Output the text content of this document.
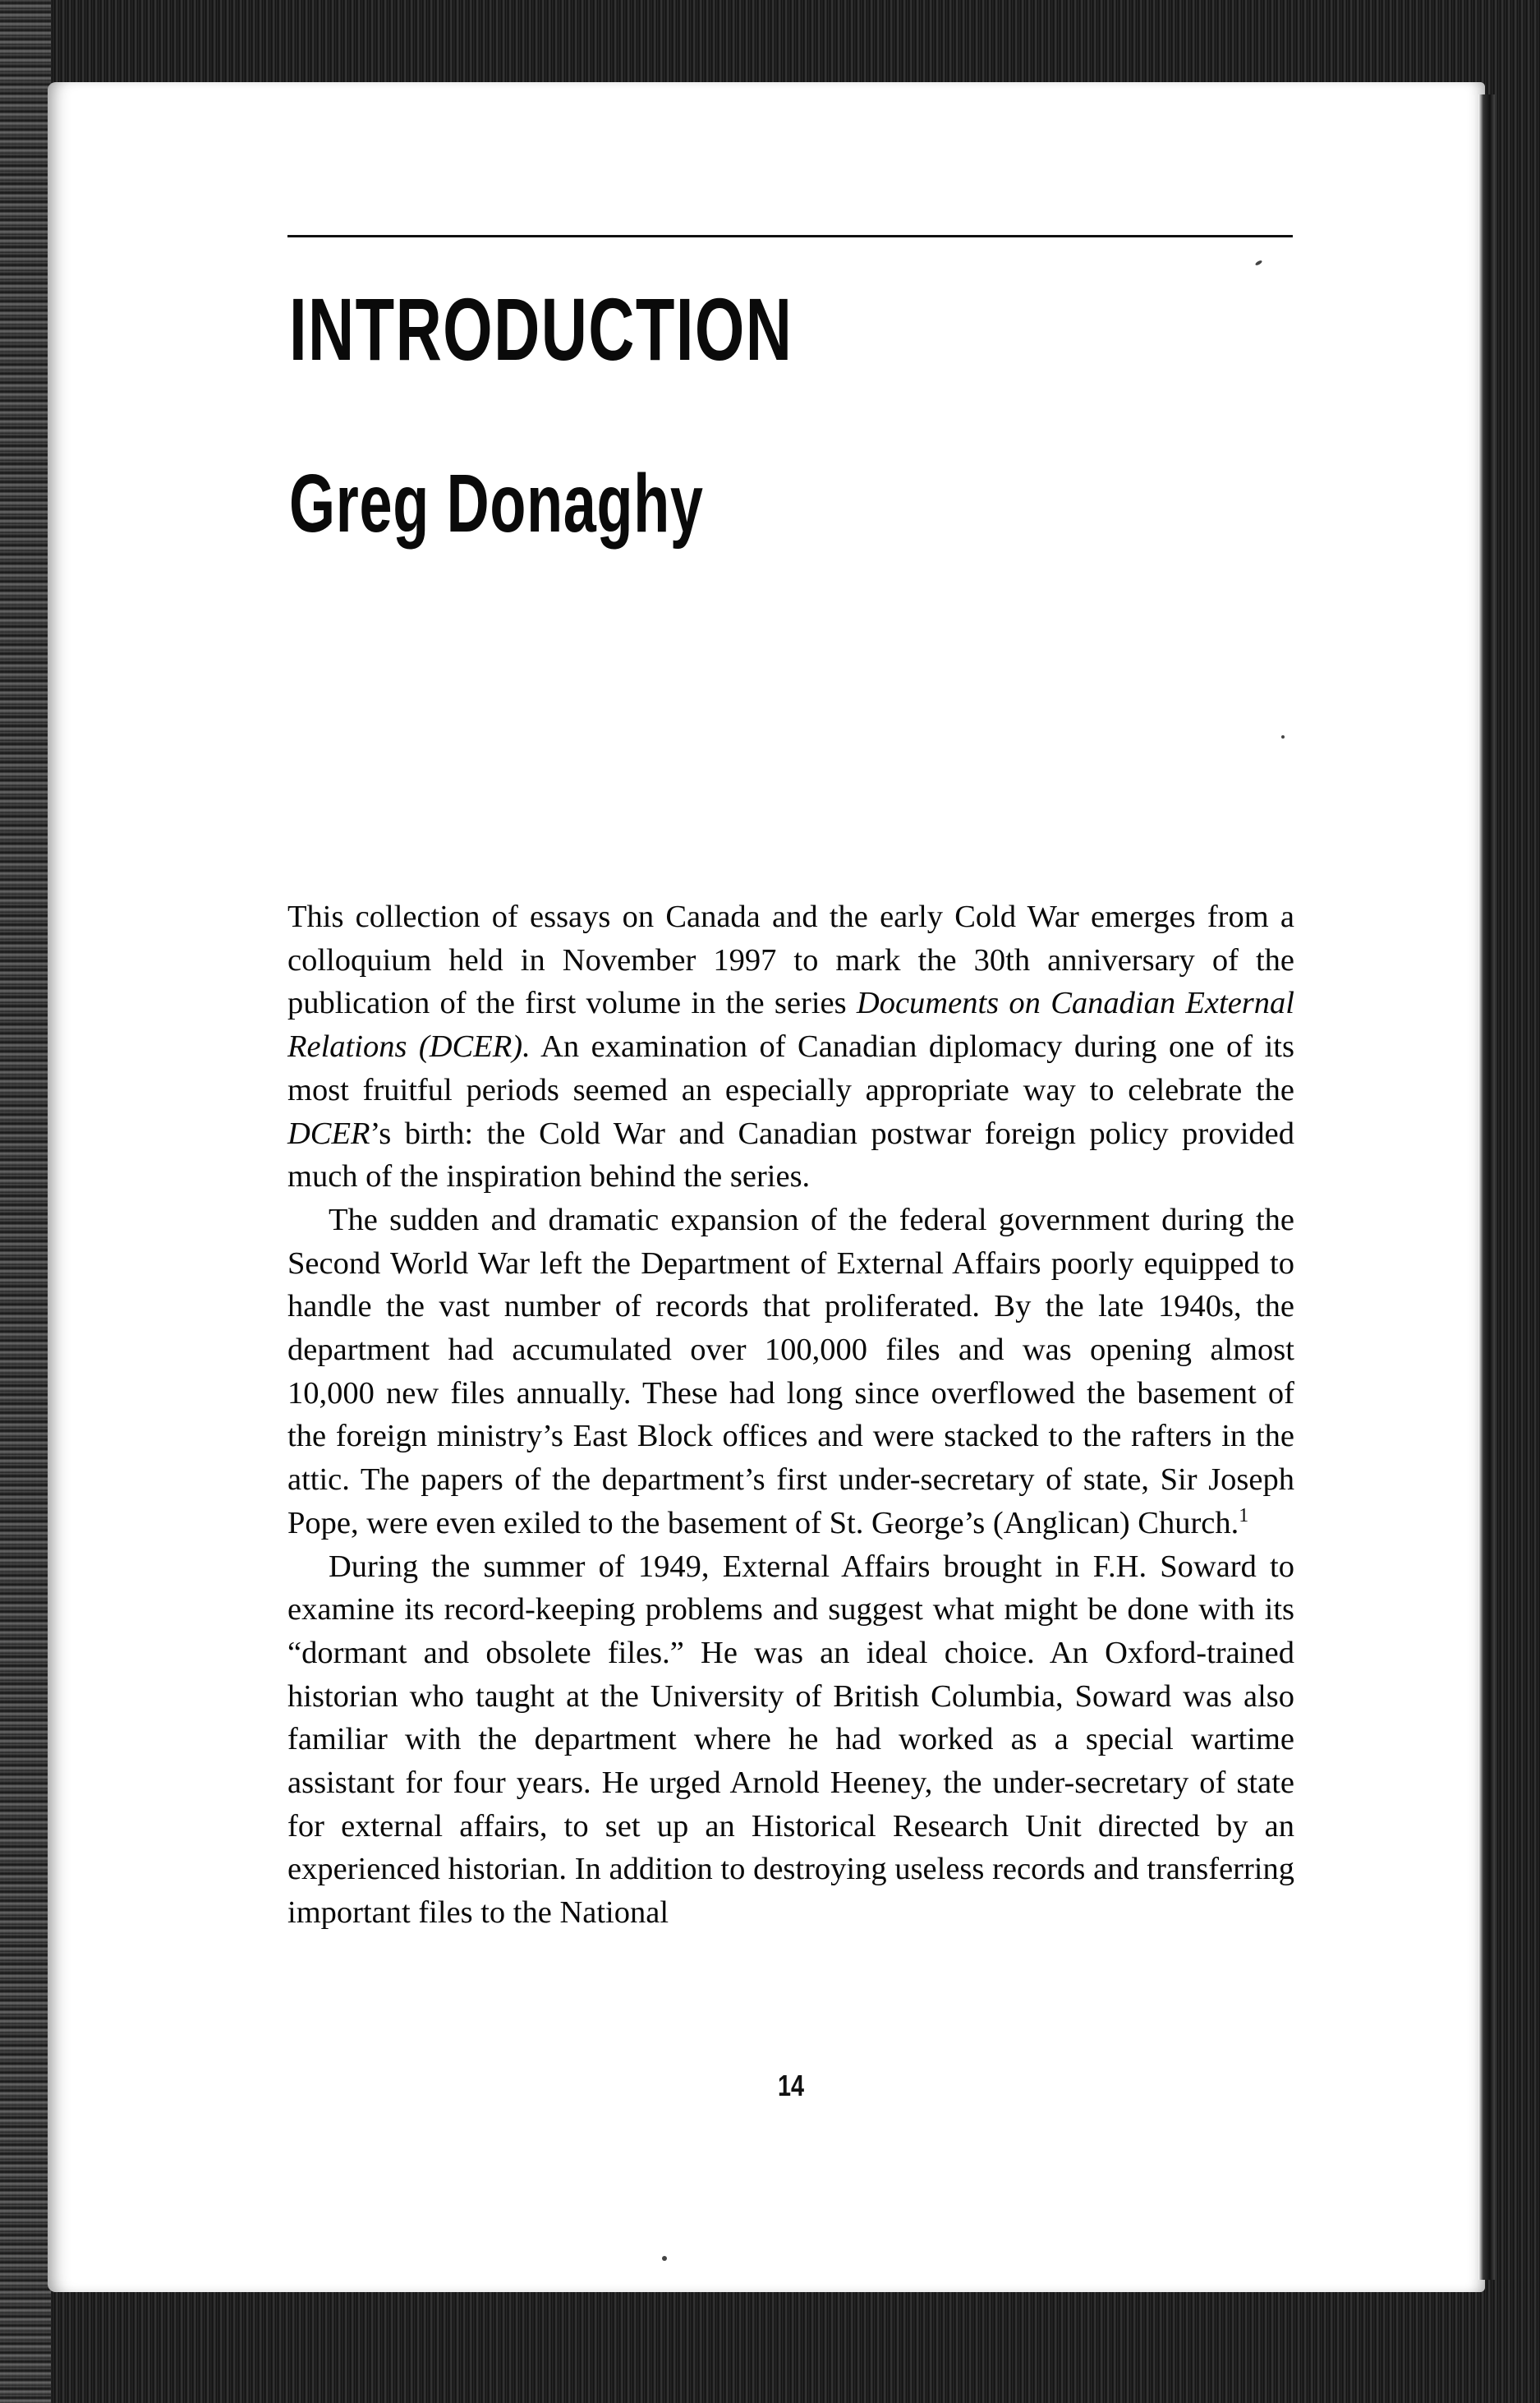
INTRODUCTION
Greg Donaghy

This collection of essays on Canada and the early Cold War emerges from a colloquium held in November 1997 to mark the 30th anniversary of the publication of the first volume in the series Documents on Canadian External Relations (DCER). An examination of Canadian diplomacy during one of its most fruitful periods seemed an especially appropriate way to celebrate the DCER’s birth: the Cold War and Canadian postwar foreign policy provided much of the inspiration behind the series.

The sudden and dramatic expansion of the federal government during the Second World War left the Department of External Affairs poorly equipped to handle the vast number of records that proliferated. By the late 1940s, the department had accumulated over 100,000 files and was opening almost 10,000 new files annually. These had long since overflowed the basement of the foreign ministry’s East Block offices and were stacked to the rafters in the attic. The papers of the department’s first under-secretary of state, Sir Joseph Pope, were even exiled to the basement of St. George’s (Anglican) Church.$^1$

During the summer of 1949, External Affairs brought in F.H. Soward to examine its record-keeping problems and suggest what might be done with its “dormant and obsolete files.” He was an ideal choice. An Oxford-trained historian who taught at the University of British Columbia, Soward was also familiar with the department where he had worked as a special wartime assistant for four years. He urged Arnold Heeney, the under-secretary of state for external affairs, to set up an Historical Research Unit directed by an experienced historian. In addition to destroying useless records and transferring important files to the National

14
